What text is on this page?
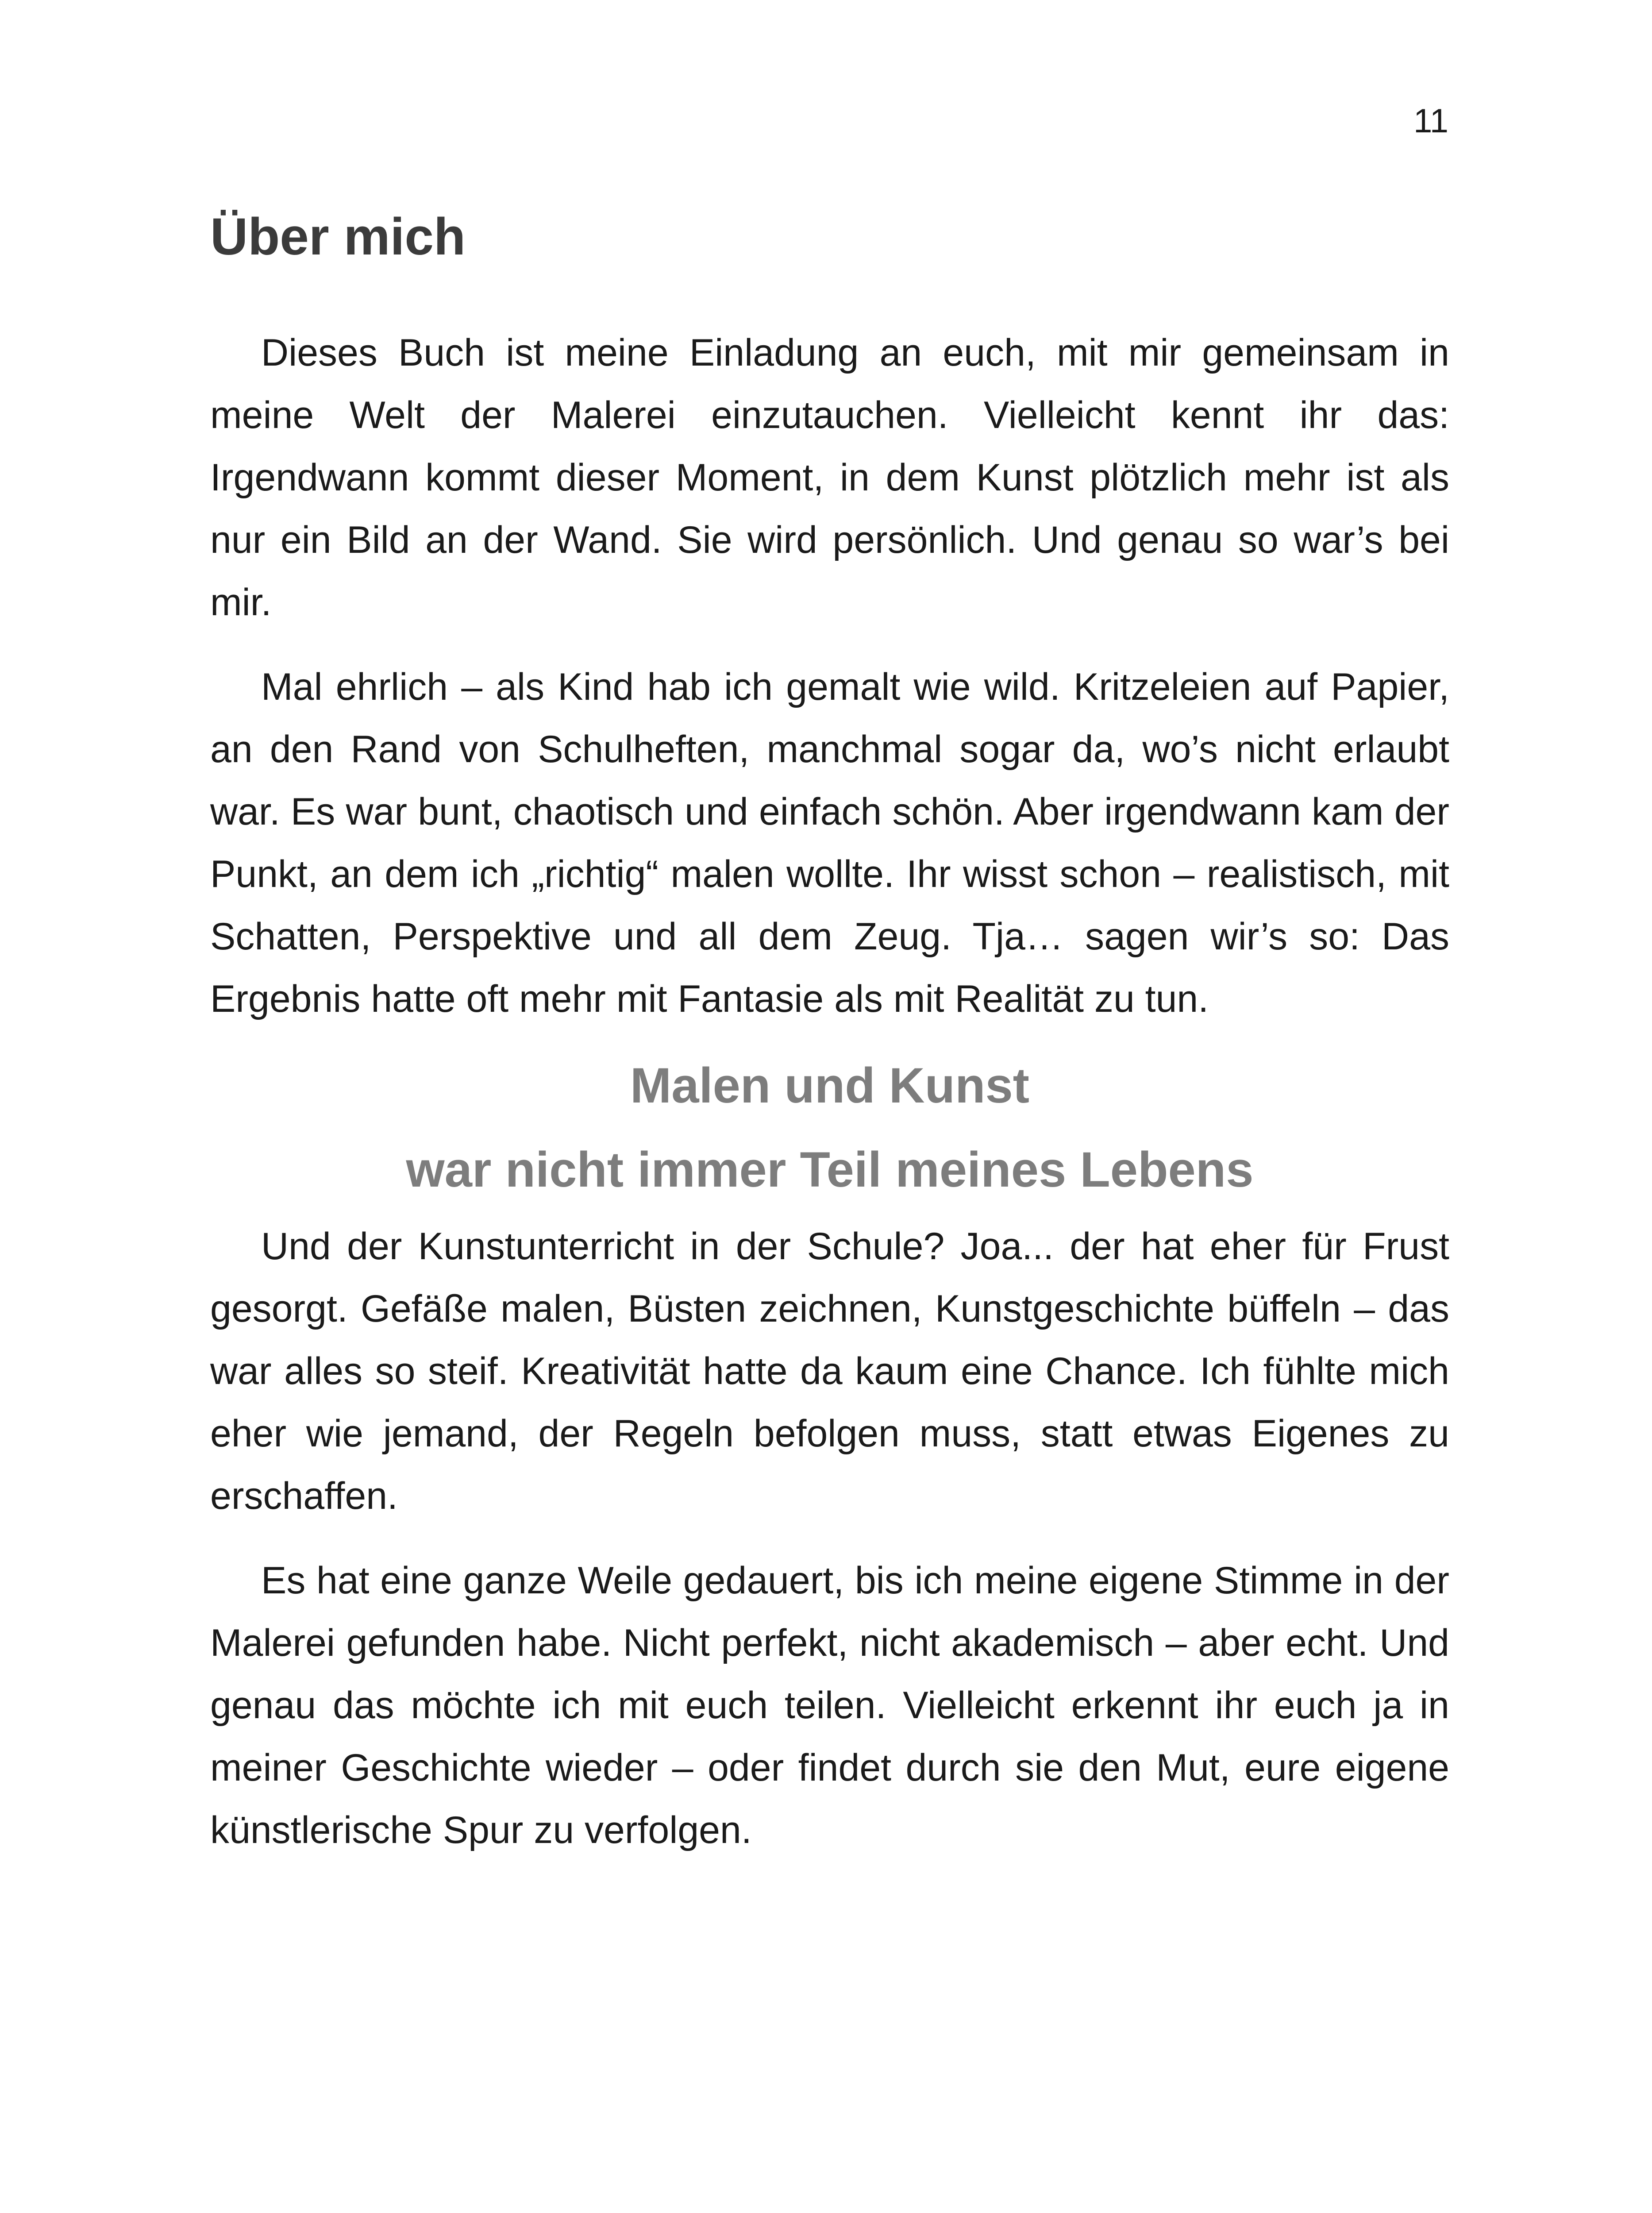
11
Über mich

Dieses Buch ist meine Einladung an euch, mit mir gemeinsam in meine Welt der Malerei einzutauchen. Vielleicht kennt ihr das: Irgendwann kommt dieser Moment, in dem Kunst plötzlich mehr ist als nur ein Bild an der Wand. Sie wird persönlich. Und genau so war’s bei mir.

Mal ehrlich – als Kind hab ich gemalt wie wild. Kritzeleien auf Papier, an den Rand von Schulheften, manchmal sogar da, wo’s nicht erlaubt war. Es war bunt, chaotisch und einfach schön. Aber irgendwann kam der Punkt, an dem ich „richtig“ malen wollte. Ihr wisst schon – realistisch, mit Schatten, Perspektive und all dem Zeug. Tja… sagen wir’s so: Das Ergebnis hatte oft mehr mit Fantasie als mit Realität zu tun.

Malen und Kunst
war nicht immer Teil meines Lebens

Und der Kunstunterricht in der Schule? Joa... der hat eher für Frust gesorgt. Gefäße malen, Büsten zeichnen, Kunstgeschichte büffeln – das war alles so steif. Kreativität hatte da kaum eine Chance. Ich fühlte mich eher wie jemand, der Regeln befolgen muss, statt etwas Eigenes zu erschaffen.

Es hat eine ganze Weile gedauert, bis ich meine eigene Stimme in der Malerei gefunden habe. Nicht perfekt, nicht akademisch – aber echt. Und genau das möchte ich mit euch teilen. Vielleicht erkennt ihr euch ja in meiner Geschichte wieder – oder findet durch sie den Mut, eure eigene künstlerische Spur zu verfolgen.
